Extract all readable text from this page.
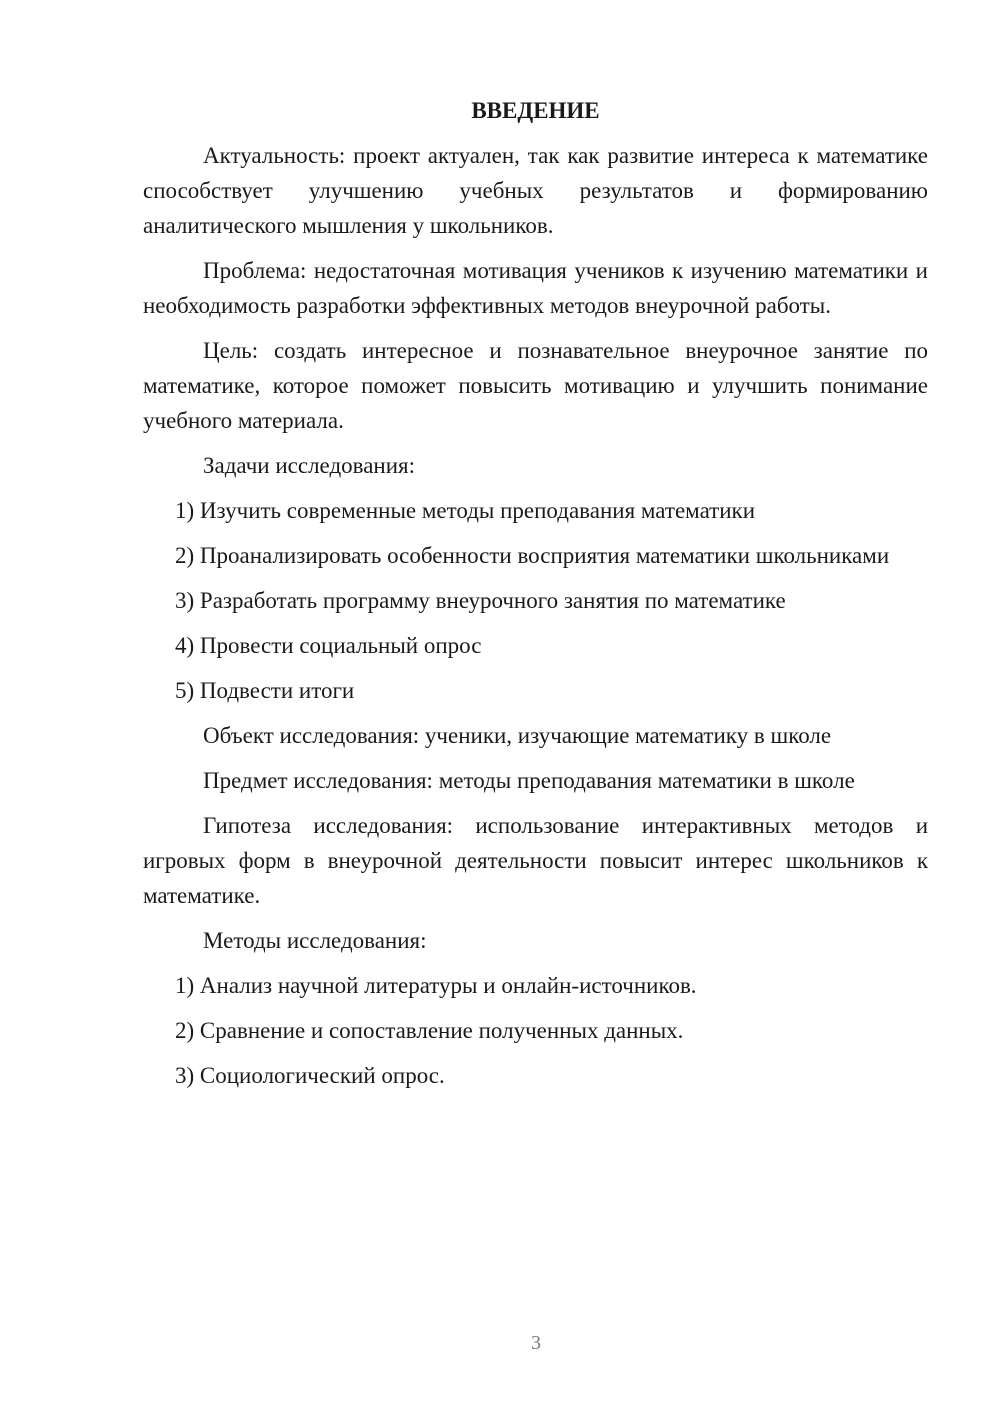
ВВЕДЕНИЕ

Актуальность: проект актуален, так как развитие интереса к математике способствует улучшению учебных результатов и формированию аналитического мышления у школьников.

Проблема: недостаточная мотивация учеников к изучению математики и необходимость разработки эффективных методов внеурочной работы.

Цель: создать интересное и познавательное внеурочное занятие по математике, которое поможет повысить мотивацию и улучшить понимание учебного материала.

Задачи исследования:

1) Изучить современные методы преподавания математики

2) Проанализировать особенности восприятия математики школьниками

3) Разработать программу внеурочного занятия по математике

4) Провести социальный опрос

5) Подвести итоги

Объект исследования: ученики, изучающие математику в школе

Предмет исследования: методы преподавания математики в школе

Гипотеза исследования: использование интерактивных методов и игровых форм в внеурочной деятельности повысит интерес школьников к математике.

Методы исследования:

1) Анализ научной литературы и онлайн-источников.

2) Сравнение и сопоставление полученных данных.

3) Социологический опрос.

3
